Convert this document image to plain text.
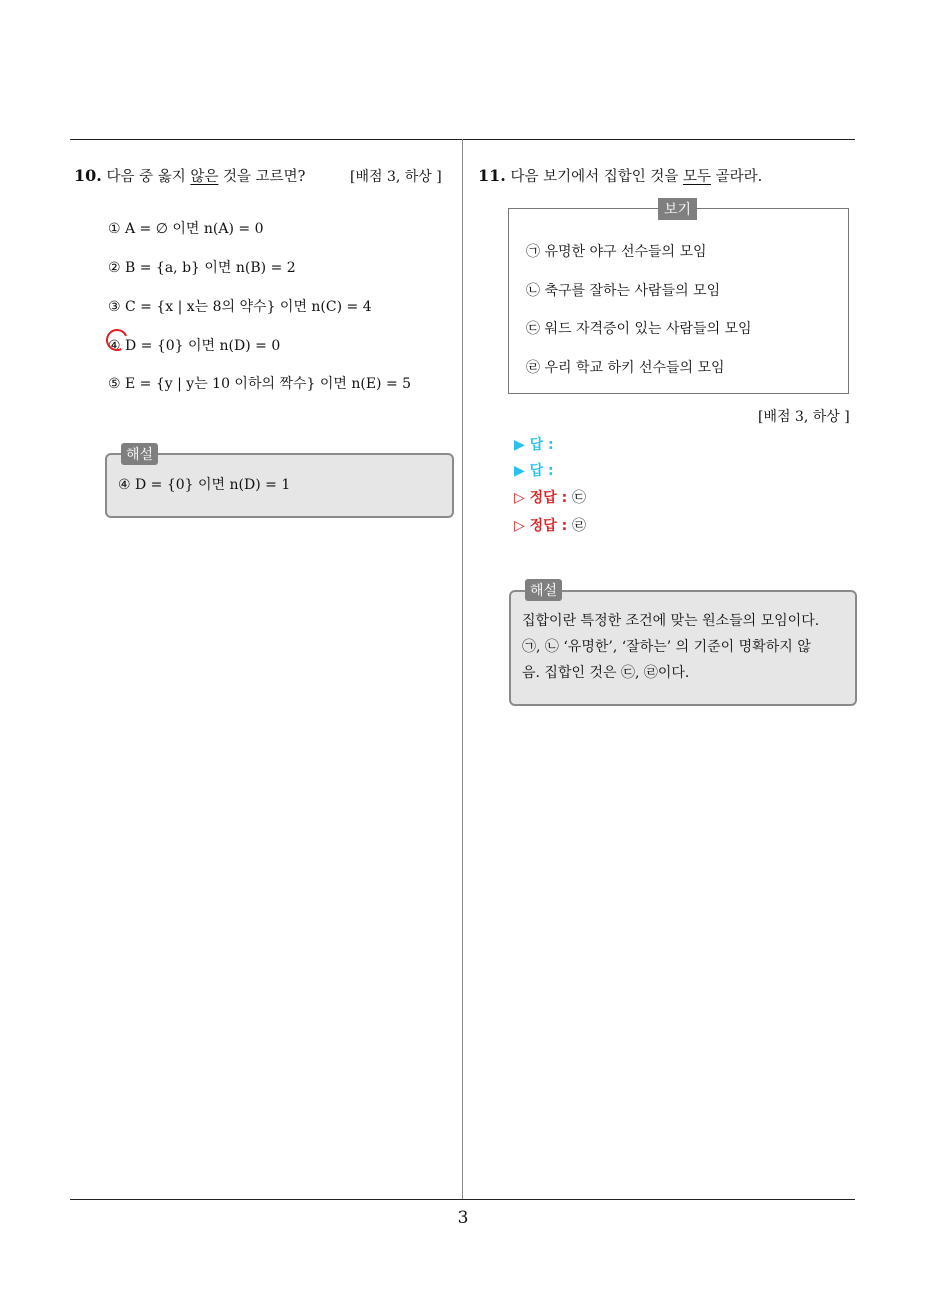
10. 다음 중 옳지 않은 것을 고르면?	[배점 3, 하상 ]
① A = ∅ 이면 n(A) = 0
② B = {a, b} 이면 n(B) = 2
③ C = {x | x는 8의 약수} 이면 n(C) = 4
④ D = {0} 이면 n(D) = 0
⑤ E = {y | y는 10 이하의 짝수} 이면 n(E) = 5
해설
④ D = {0} 이면 n(D) = 1
11. 다음 보기에서 집합인 것을 모두 골라라.
보기
㉠ 유명한 야구 선수들의 모임
㉡ 축구를 잘하는 사람들의 모임
㉢ 워드 자격증이 있는 사람들의 모임
㉣ 우리 학교 하키 선수들의 모임
[배점 3, 하상 ]
▶ 답 :
▶ 답 :
▷ 정답 : ㉢
▷ 정답 : ㉣
해설
집합이란 특정한 조건에 맞는 원소들의 모임이다.
㉠, ㉡ ‘유명한’, ‘잘하는’ 의 기준이 명확하지 않
음. 집합인 것은 ㉢, ㉣이다.
3
